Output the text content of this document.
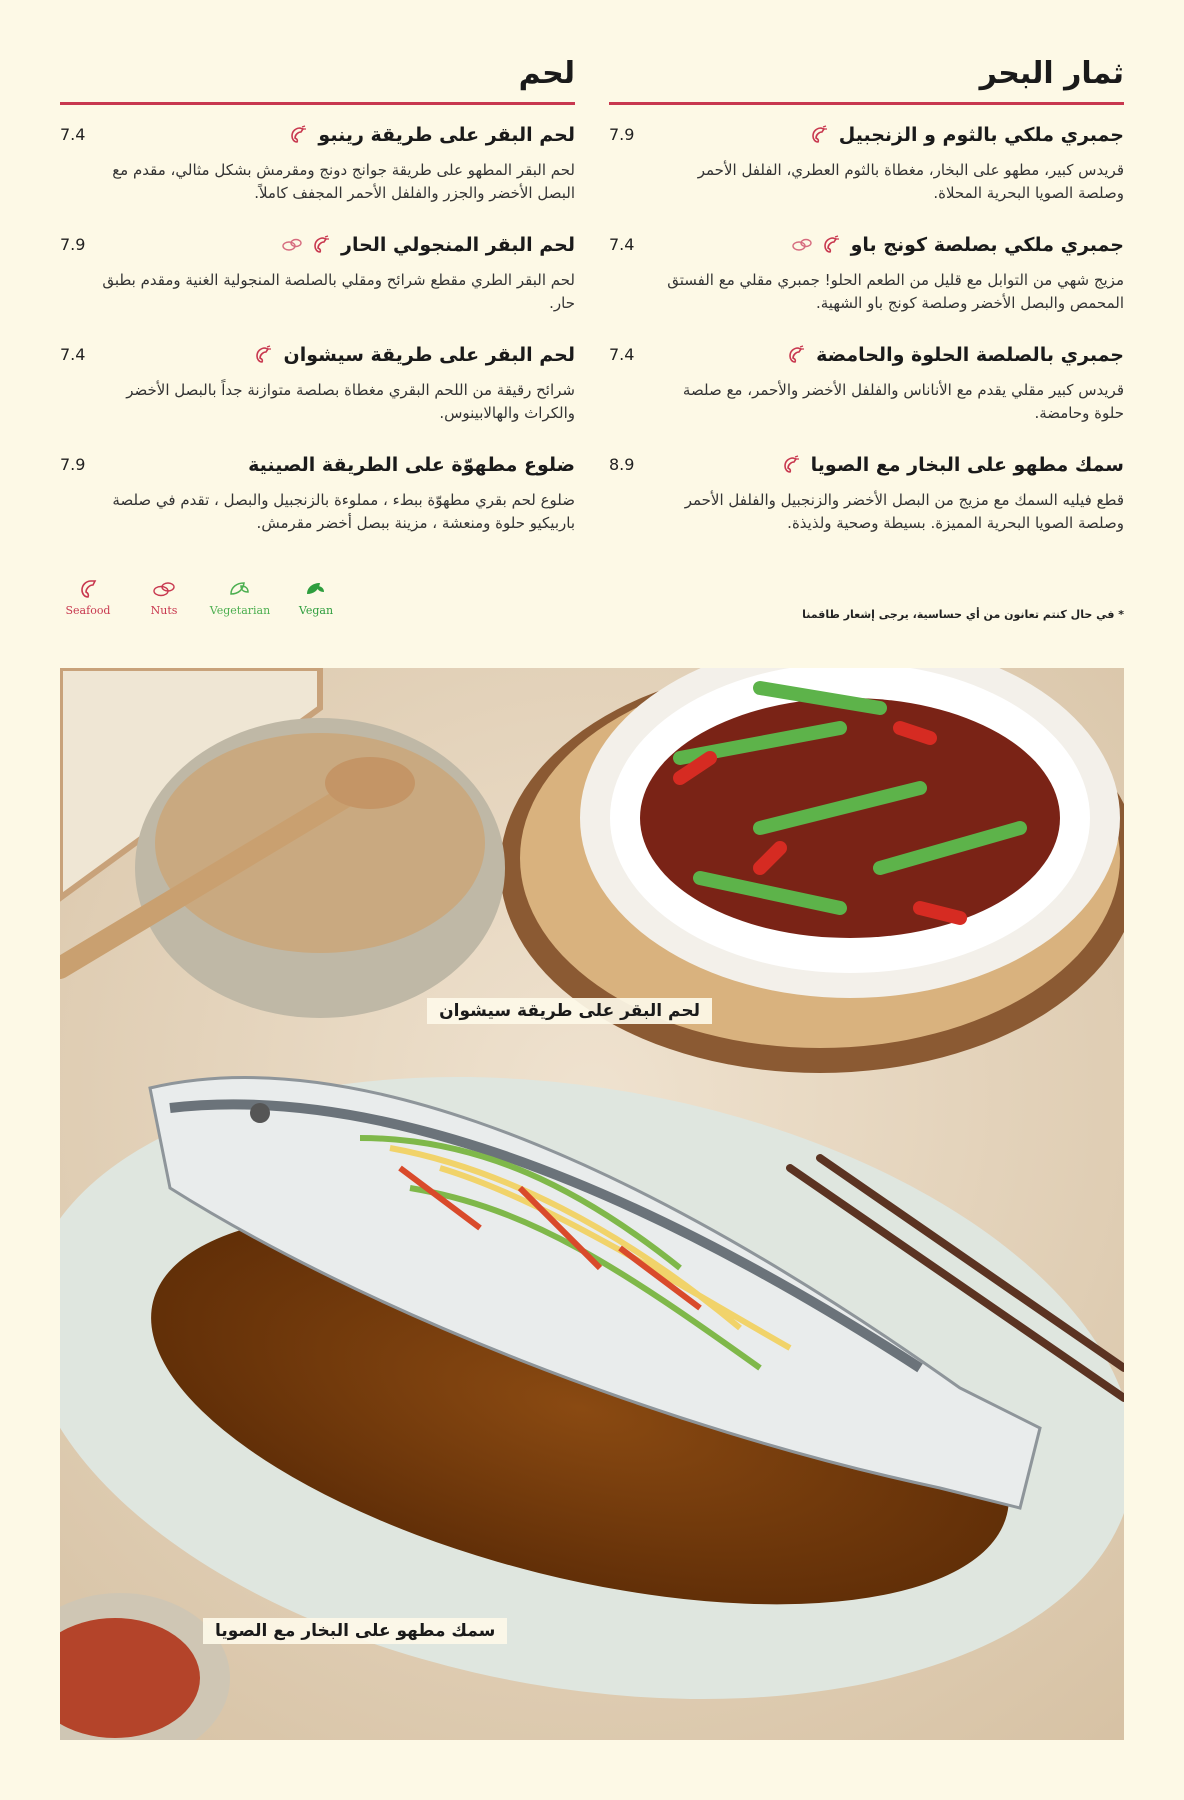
ثمار البحر
جمبري ملكي بالثوم و الزنجبيل
7.9
قريدس كبير، مطهو على البخار، مغطاة بالثوم العطري، الفلفل الأحمر وصلصة الصويا البحرية المحلاة.
جمبري ملكي بصلصة كونج باو
7.4
مزيج شهي من التوابل مع قليل من الطعم الحلو! جمبري مقلي مع الفستق المحمص والبصل الأخضر وصلصة كونج باو الشهية.
جمبري بالصلصة الحلوة والحامضة
7.4
قريدس كبير مقلي يقدم مع الأناناس والفلفل الأخضر والأحمر، مع صلصة حلوة وحامضة.
سمك مطهو على البخار مع الصويا
8.9
قطع فيليه السمك مع مزيج من البصل الأخضر والزنجبيل والفلفل الأحمر وصلصة الصويا البحرية المميزة. بسيطة وصحية ولذيذة.
لحم
لحم البقر على طريقة رينبو
7.4
لحم البقر المطهو على طريقة جوانج دونج ومقرمش بشكل مثالي، مقدم مع البصل الأخضر والجزر والفلفل الأحمر المجفف كاملاً.
لحم البقر المنجولي الحار
7.9
لحم البقر الطري مقطع شرائح ومقلي بالصلصة المنجولية الغنية ومقدم بطبق حار.
لحم البقر على طريقة سيشوان
7.4
شرائح رقيقة من اللحم البقري مغطاة بصلصة متوازنة جداً بالبصل الأخضر والكراث والهالابينوس.
ضلوع مطهوّة على الطريقة الصينية
7.9
ضلوع لحم بقري مطهوّة ببطء ، مملوءة بالزنجبيل والبصل ، تقدم في صلصة باربيكيو حلوة ومنعشة ، مزينة ببصل أخضر مقرمش.
Seafood	Nuts	Vegetarian	Vegan	* في حال كنتم تعانون من أي حساسية، يرجى إشعار طاقمنا
لحم البقر على طريقة سيشوان
سمك مطهو على البخار مع الصويا
